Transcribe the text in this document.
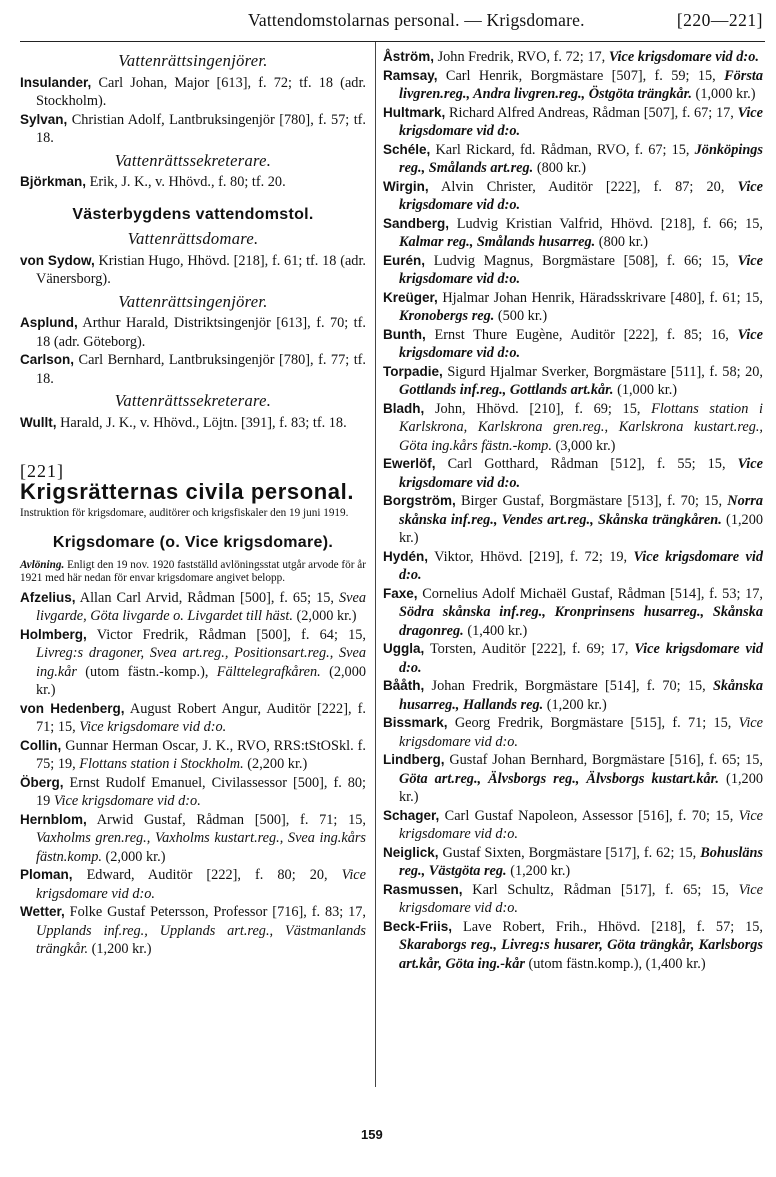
Vattendomstolarnas personal. — Krigsdomare.	[220—221]
Vattenrättsingenjörer.
Insulander, Carl Johan, Major [613], f. 72; tf. 18 (adr. Stockholm).
Sylvan, Christian Adolf, Lantbruksingenjör [780], f. 57; tf. 18.
Vattenrättssekreterare.
Björkman, Erik, J. K., v. Hhövd., f. 80; tf. 20.
Västerbygdens vattendomstol.
Vattenrättsdomare.
von Sydow, Kristian Hugo, Hhövd. [218], f. 61; tf. 18 (adr. Vänersborg).
Vattenrättsingenjörer.
Asplund, Arthur Harald, Distriktsingenjör [613], f. 70; tf. 18 (adr. Göteborg).
Carlson, Carl Bernhard, Lantbruksingenjör [780], f. 77; tf. 18.
Vattenrättssekreterare.
Wullt, Harald, J. K., v. Hhövd., Löjtn. [391], f. 83; tf. 18.
[221]
Krigsrätternas civila personal.
Instruktion för krigsdomare, auditörer och krigsfiskaler den 19 juni 1919.
Krigsdomare (o. Vice krigsdomare).
Avlöning. Enligt den 19 nov. 1920 fastställd avlöningsstat utgår arvode för år 1921 med här nedan för envar krigsdomare angivet belopp.
Afzelius, Allan Carl Arvid, Rådman [500], f. 65; 15, Svea livgarde, Göta livgarde o. Livgardet till häst. (2,000 kr.)
Holmberg, Victor Fredrik, Rådman [500], f. 64; 15, Livreg:s dragoner, Svea art.reg., Positionsart.reg., Svea ing.kår (utom fästn.-komp.), Fälttelegrafkåren. (2,000 kr.)
von Hedenberg, August Robert Angur, Auditör [222], f. 71; 15, Vice krigsdomare vid d:o.
Collin, Gunnar Herman Oscar, J. K., RVO, RRS:tStOSkl. f. 75; 19, Flottans station i Stockholm. (2,200 kr.)
Öberg, Ernst Rudolf Emanuel, Civilassessor [500], f. 80; 19 Vice krigsdomare vid d:o.
Hernblom, Arwid Gustaf, Rådman [500], f. 71; 15, Vaxholms gren.reg., Vaxholms kustart.reg., Svea ing.kårs fästn.komp. (2,000 kr.)
Ploman, Edward, Auditör [222], f. 80; 20, Vice krigsdomare vid d:o.
Wetter, Folke Gustaf Petersson, Professor [716], f. 83; 17, Upplands inf.reg., Upplands art.reg., Västmanlands trängkår. (1,200 kr.)
Åström, John Fredrik, RVO, f. 72; 17, Vice krigsdomare vid d:o.
Ramsay, Carl Henrik, Borgmästare [507], f. 59; 15, Första livgren.reg., Andra livgren.reg., Östgöta trängkår. (1,000 kr.)
Hultmark, Richard Alfred Andreas, Rådman [507], f. 67; 17, Vice krigsdomare vid d:o.
Schéle, Karl Rickard, fd. Rådman, RVO, f. 67; 15, Jönköpings reg., Smålands art.reg. (800 kr.)
Wirgin, Alvin Christer, Auditör [222], f. 87; 20, Vice krigsdomare vid d:o.
Sandberg, Ludvig Kristian Valfrid, Hhövd. [218], f. 66; 15, Kalmar reg., Smålands husarreg. (800 kr.)
Eurén, Ludvig Magnus, Borgmästare [508], f. 66; 15, Vice krigsdomare vid d:o.
Kreüger, Hjalmar Johan Henrik, Häradsskrivare [480], f. 61; 15, Kronobergs reg. (500 kr.)
Bunth, Ernst Thure Eugène, Auditör [222], f. 85; 16, Vice krigsdomare vid d:o.
Torpadie, Sigurd Hjalmar Sverker, Borgmästare [511], f. 58; 20, Gottlands inf.reg., Gottlands art.kår. (1,000 kr.)
Bladh, John, Hhövd. [210], f. 69; 15, Flottans station i Karlskrona, Karlskrona gren.reg., Karlskrona kustart.reg., Göta ing.kårs fästn.-komp. (3,000 kr.)
Ewerlöf, Carl Gotthard, Rådman [512], f. 55; 15, Vice krigsdomare vid d:o.
Borgström, Birger Gustaf, Borgmästare [513], f. 70; 15, Norra skånska inf.reg., Vendes art.reg., Skånska trängkåren. (1,200 kr.)
Hydén, Viktor, Hhövd. [219], f. 72; 19, Vice krigsdomare vid d:o.
Faxe, Cornelius Adolf Michaël Gustaf, Rådman [514], f. 53; 17, Södra skånska inf.reg., Kronprinsens husarreg., Skånska dragonreg. (1,400 kr.)
Uggla, Torsten, Auditör [222], f. 69; 17, Vice krigsdomare vid d:o.
Bååth, Johan Fredrik, Borgmästare [514], f. 70; 15, Skånska husarreg., Hallands reg. (1,200 kr.)
Bissmark, Georg Fredrik, Borgmästare [515], f. 71; 15, Vice krigsdomare vid d:o.
Lindberg, Gustaf Johan Bernhard, Borgmästare [516], f. 65; 15, Göta art.reg., Älvsborgs reg., Älvsborgs kustart.kår. (1,200 kr.)
Schager, Carl Gustaf Napoleon, Assessor [516], f. 70; 15, Vice krigsdomare vid d:o.
Neiglick, Gustaf Sixten, Borgmästare [517], f. 62; 15, Bohusläns reg., Västgöta reg. (1,200 kr.)
Rasmussen, Karl Schultz, Rådman [517], f. 65; 15, Vice krigsdomare vid d:o.
Beck-Friis, Lave Robert, Frih., Hhövd. [218], f. 57; 15, Skaraborgs reg., Livreg:s husarer, Göta trängkår, Karlsborgs art.kår, Göta ing.-kår (utom fästn.komp.), (1,400 kr.)
159
